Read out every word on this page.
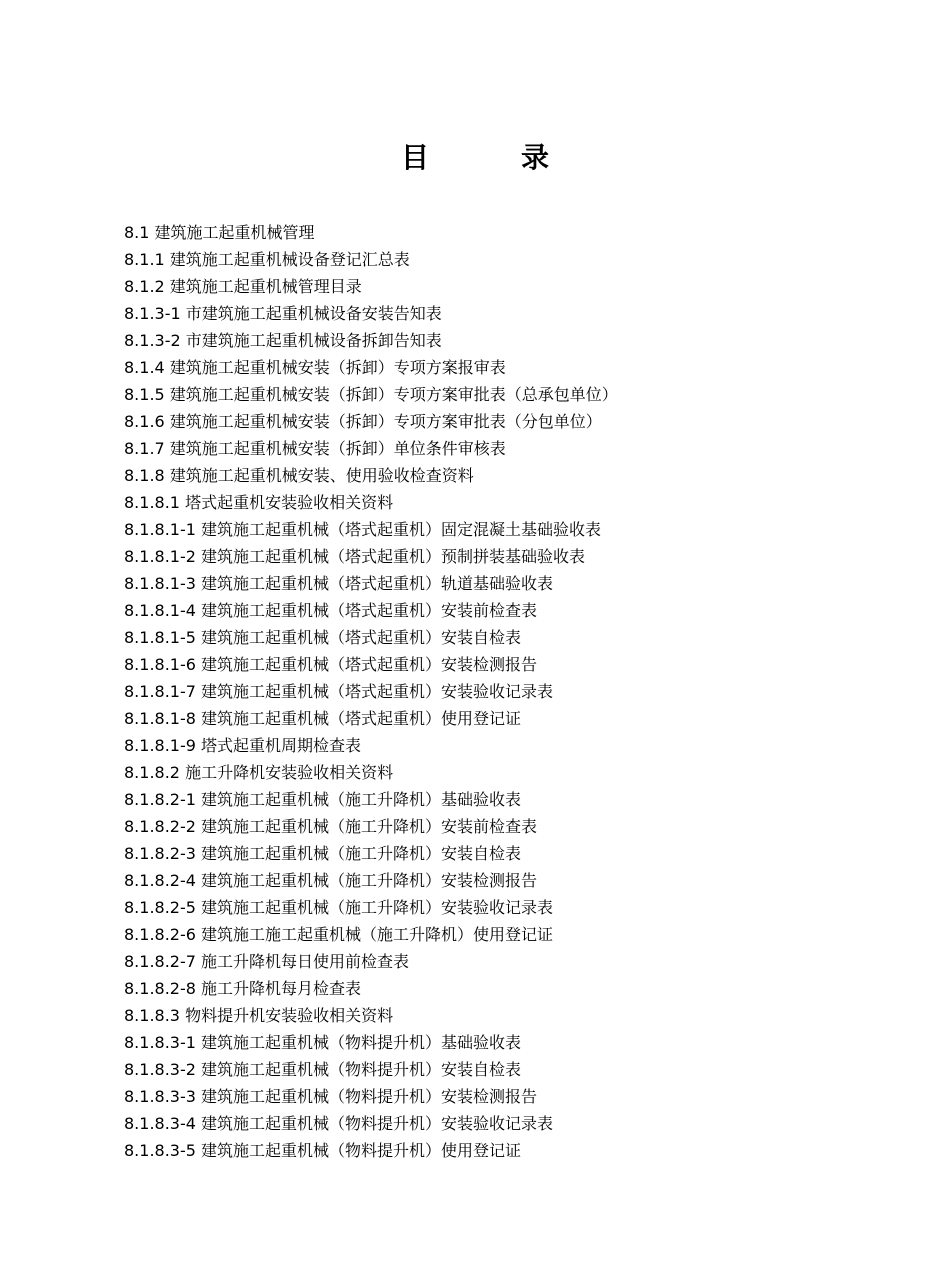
目　录
8.1 建筑施工起重机械管理
8.1.1 建筑施工起重机械设备登记汇总表
8.1.2 建筑施工起重机械管理目录
8.1.3-1 市建筑施工起重机械设备安装告知表
8.1.3-2 市建筑施工起重机械设备拆卸告知表
8.1.4 建筑施工起重机械安装（拆卸）专项方案报审表
8.1.5 建筑施工起重机械安装（拆卸）专项方案审批表（总承包单位）
8.1.6 建筑施工起重机械安装（拆卸）专项方案审批表（分包单位）
8.1.7 建筑施工起重机械安装（拆卸）单位条件审核表
8.1.8 建筑施工起重机械安装、使用验收检查资料
8.1.8.1 塔式起重机安装验收相关资料
8.1.8.1-1 建筑施工起重机械（塔式起重机）固定混凝土基础验收表
8.1.8.1-2 建筑施工起重机械（塔式起重机）预制拼装基础验收表
8.1.8.1-3 建筑施工起重机械（塔式起重机）轨道基础验收表
8.1.8.1-4 建筑施工起重机械（塔式起重机）安装前检查表
8.1.8.1-5 建筑施工起重机械（塔式起重机）安装自检表
8.1.8.1-6 建筑施工起重机械（塔式起重机）安装检测报告
8.1.8.1-7 建筑施工起重机械（塔式起重机）安装验收记录表
8.1.8.1-8 建筑施工起重机械（塔式起重机）使用登记证
8.1.8.1-9 塔式起重机周期检查表
8.1.8.2 施工升降机安装验收相关资料
8.1.8.2-1 建筑施工起重机械（施工升降机）基础验收表
8.1.8.2-2 建筑施工起重机械（施工升降机）安装前检查表
8.1.8.2-3 建筑施工起重机械（施工升降机）安装自检表
8.1.8.2-4 建筑施工起重机械（施工升降机）安装检测报告
8.1.8.2-5 建筑施工起重机械（施工升降机）安装验收记录表
8.1.8.2-6 建筑施工施工起重机械（施工升降机）使用登记证
8.1.8.2-7 施工升降机每日使用前检查表
8.1.8.2-8 施工升降机每月检查表
8.1.8.3 物料提升机安装验收相关资料
8.1.8.3-1 建筑施工起重机械（物料提升机）基础验收表
8.1.8.3-2 建筑施工起重机械（物料提升机）安装自检表
8.1.8.3-3 建筑施工起重机械（物料提升机）安装检测报告
8.1.8.3-4 建筑施工起重机械（物料提升机）安装验收记录表
8.1.8.3-5 建筑施工起重机械（物料提升机）使用登记证
